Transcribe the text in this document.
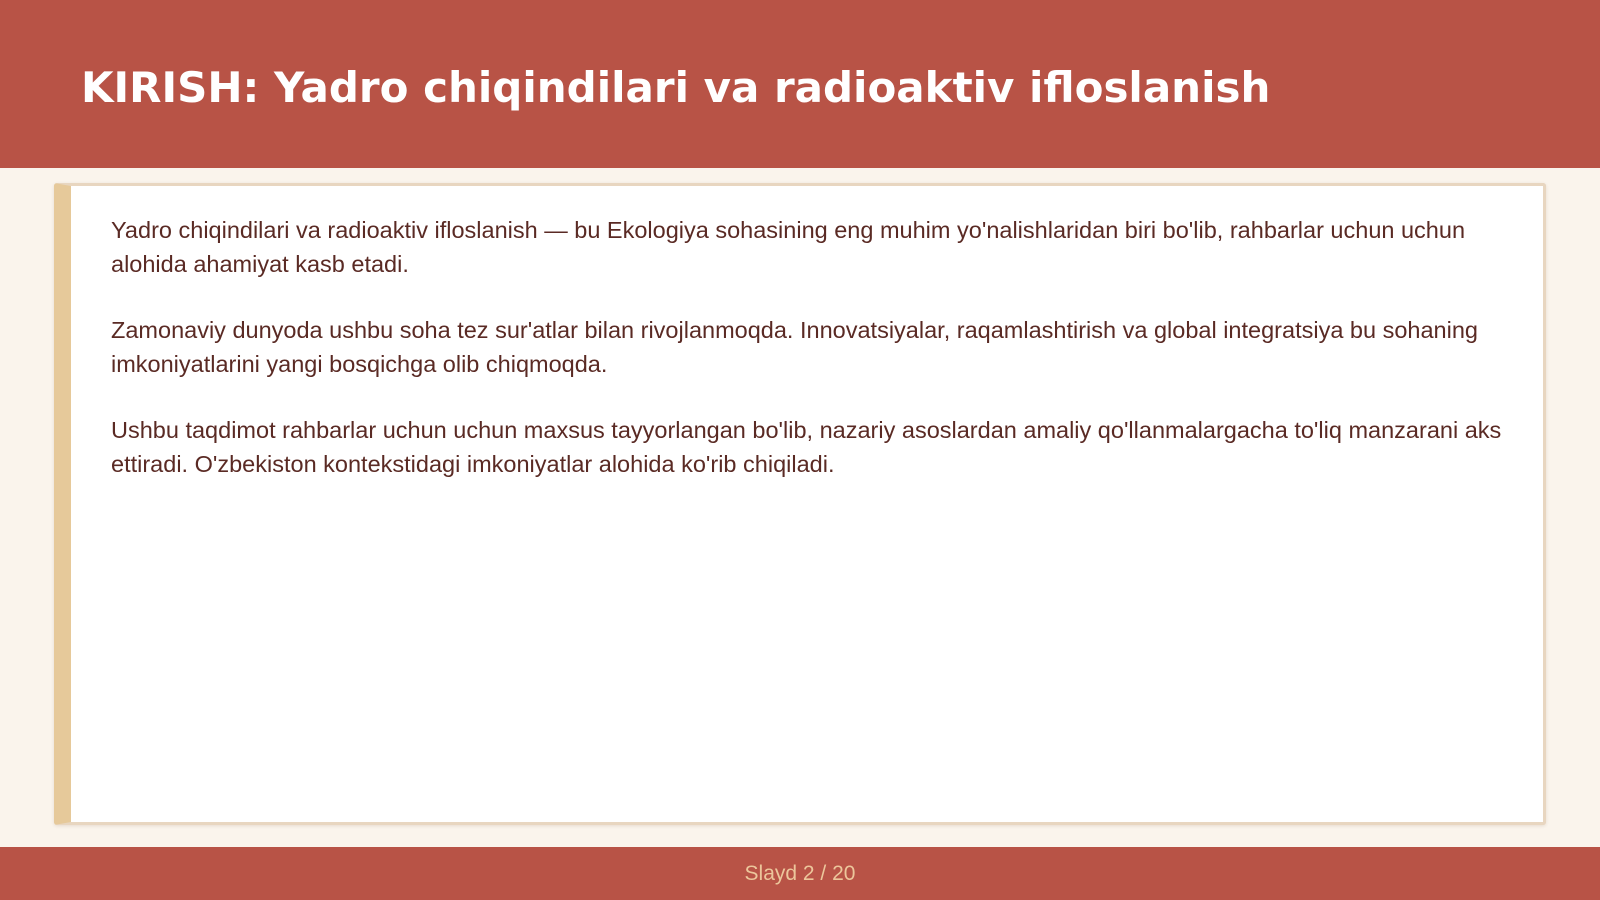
KIRISH: Yadro chiqindilari va radioaktiv ifloslanish

Yadro chiqindilari va radioaktiv ifloslanish — bu Ekologiya sohasining eng muhim yo'nalishlaridan biri bo'lib, rahbarlar uchun uchun alohida ahamiyat kasb etadi.

Zamonaviy dunyoda ushbu soha tez sur'atlar bilan rivojlanmoqda. Innovatsiyalar, raqamlashtirish va global integratsiya bu sohaning imkoniyatlarini yangi bosqichga olib chiqmoqda.

Ushbu taqdimot rahbarlar uchun uchun maxsus tayyorlangan bo'lib, nazariy asoslardan amaliy qo'llanmalargacha to'liq manzarani aks ettiradi. O'zbekiston kontekstidagi imkoniyatlar alohida ko'rib chiqiladi.

Slayd 2 / 20
